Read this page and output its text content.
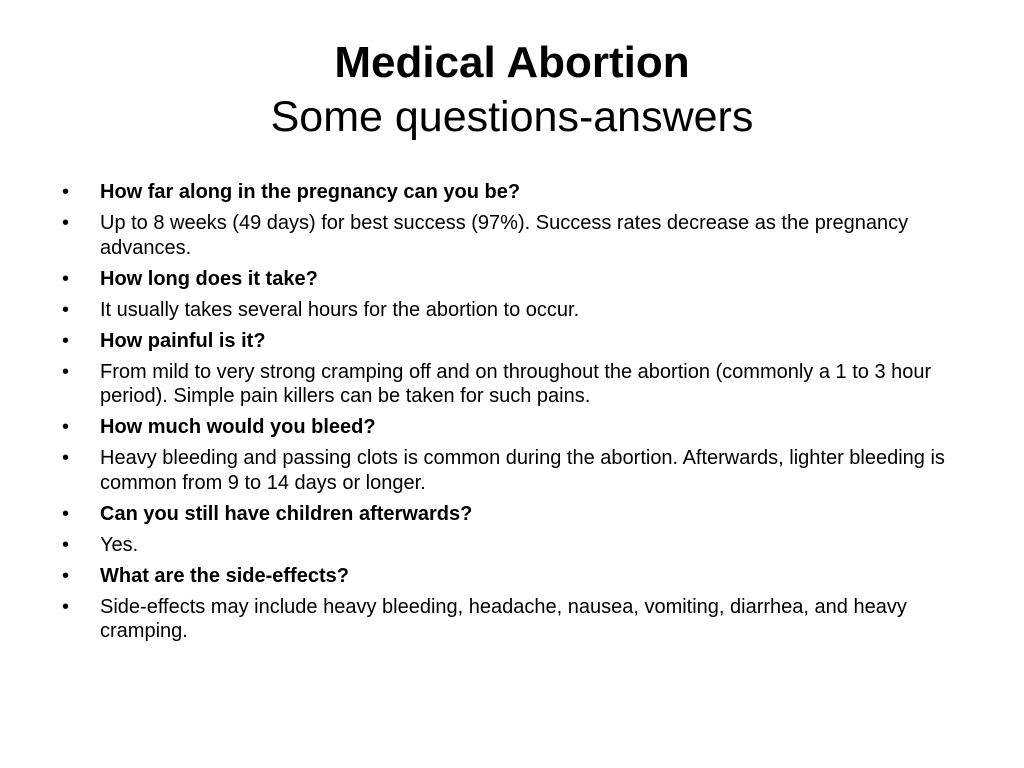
Medical Abortion
Some questions-answers
•	How far along in the pregnancy can you be?
•	Up to 8 weeks (49 days) for best success (97%). Success rates decrease as the pregnancy advances.
•	How long does it take?
•	It usually takes several hours for the abortion to occur.
•	How painful is it?
•	From mild to very strong cramping off and on throughout the abortion (commonly a 1 to 3 hour period). Simple pain killers can be taken for such pains.
•	How much would you bleed?
•	Heavy bleeding and passing clots is common during the abortion. Afterwards, lighter bleeding is common from 9 to 14 days or longer.
•	Can you still have children afterwards?
•	Yes.
•	What are the side-effects?
•	Side-effects may include heavy bleeding, headache, nausea, vomiting, diarrhea, and heavy cramping.
